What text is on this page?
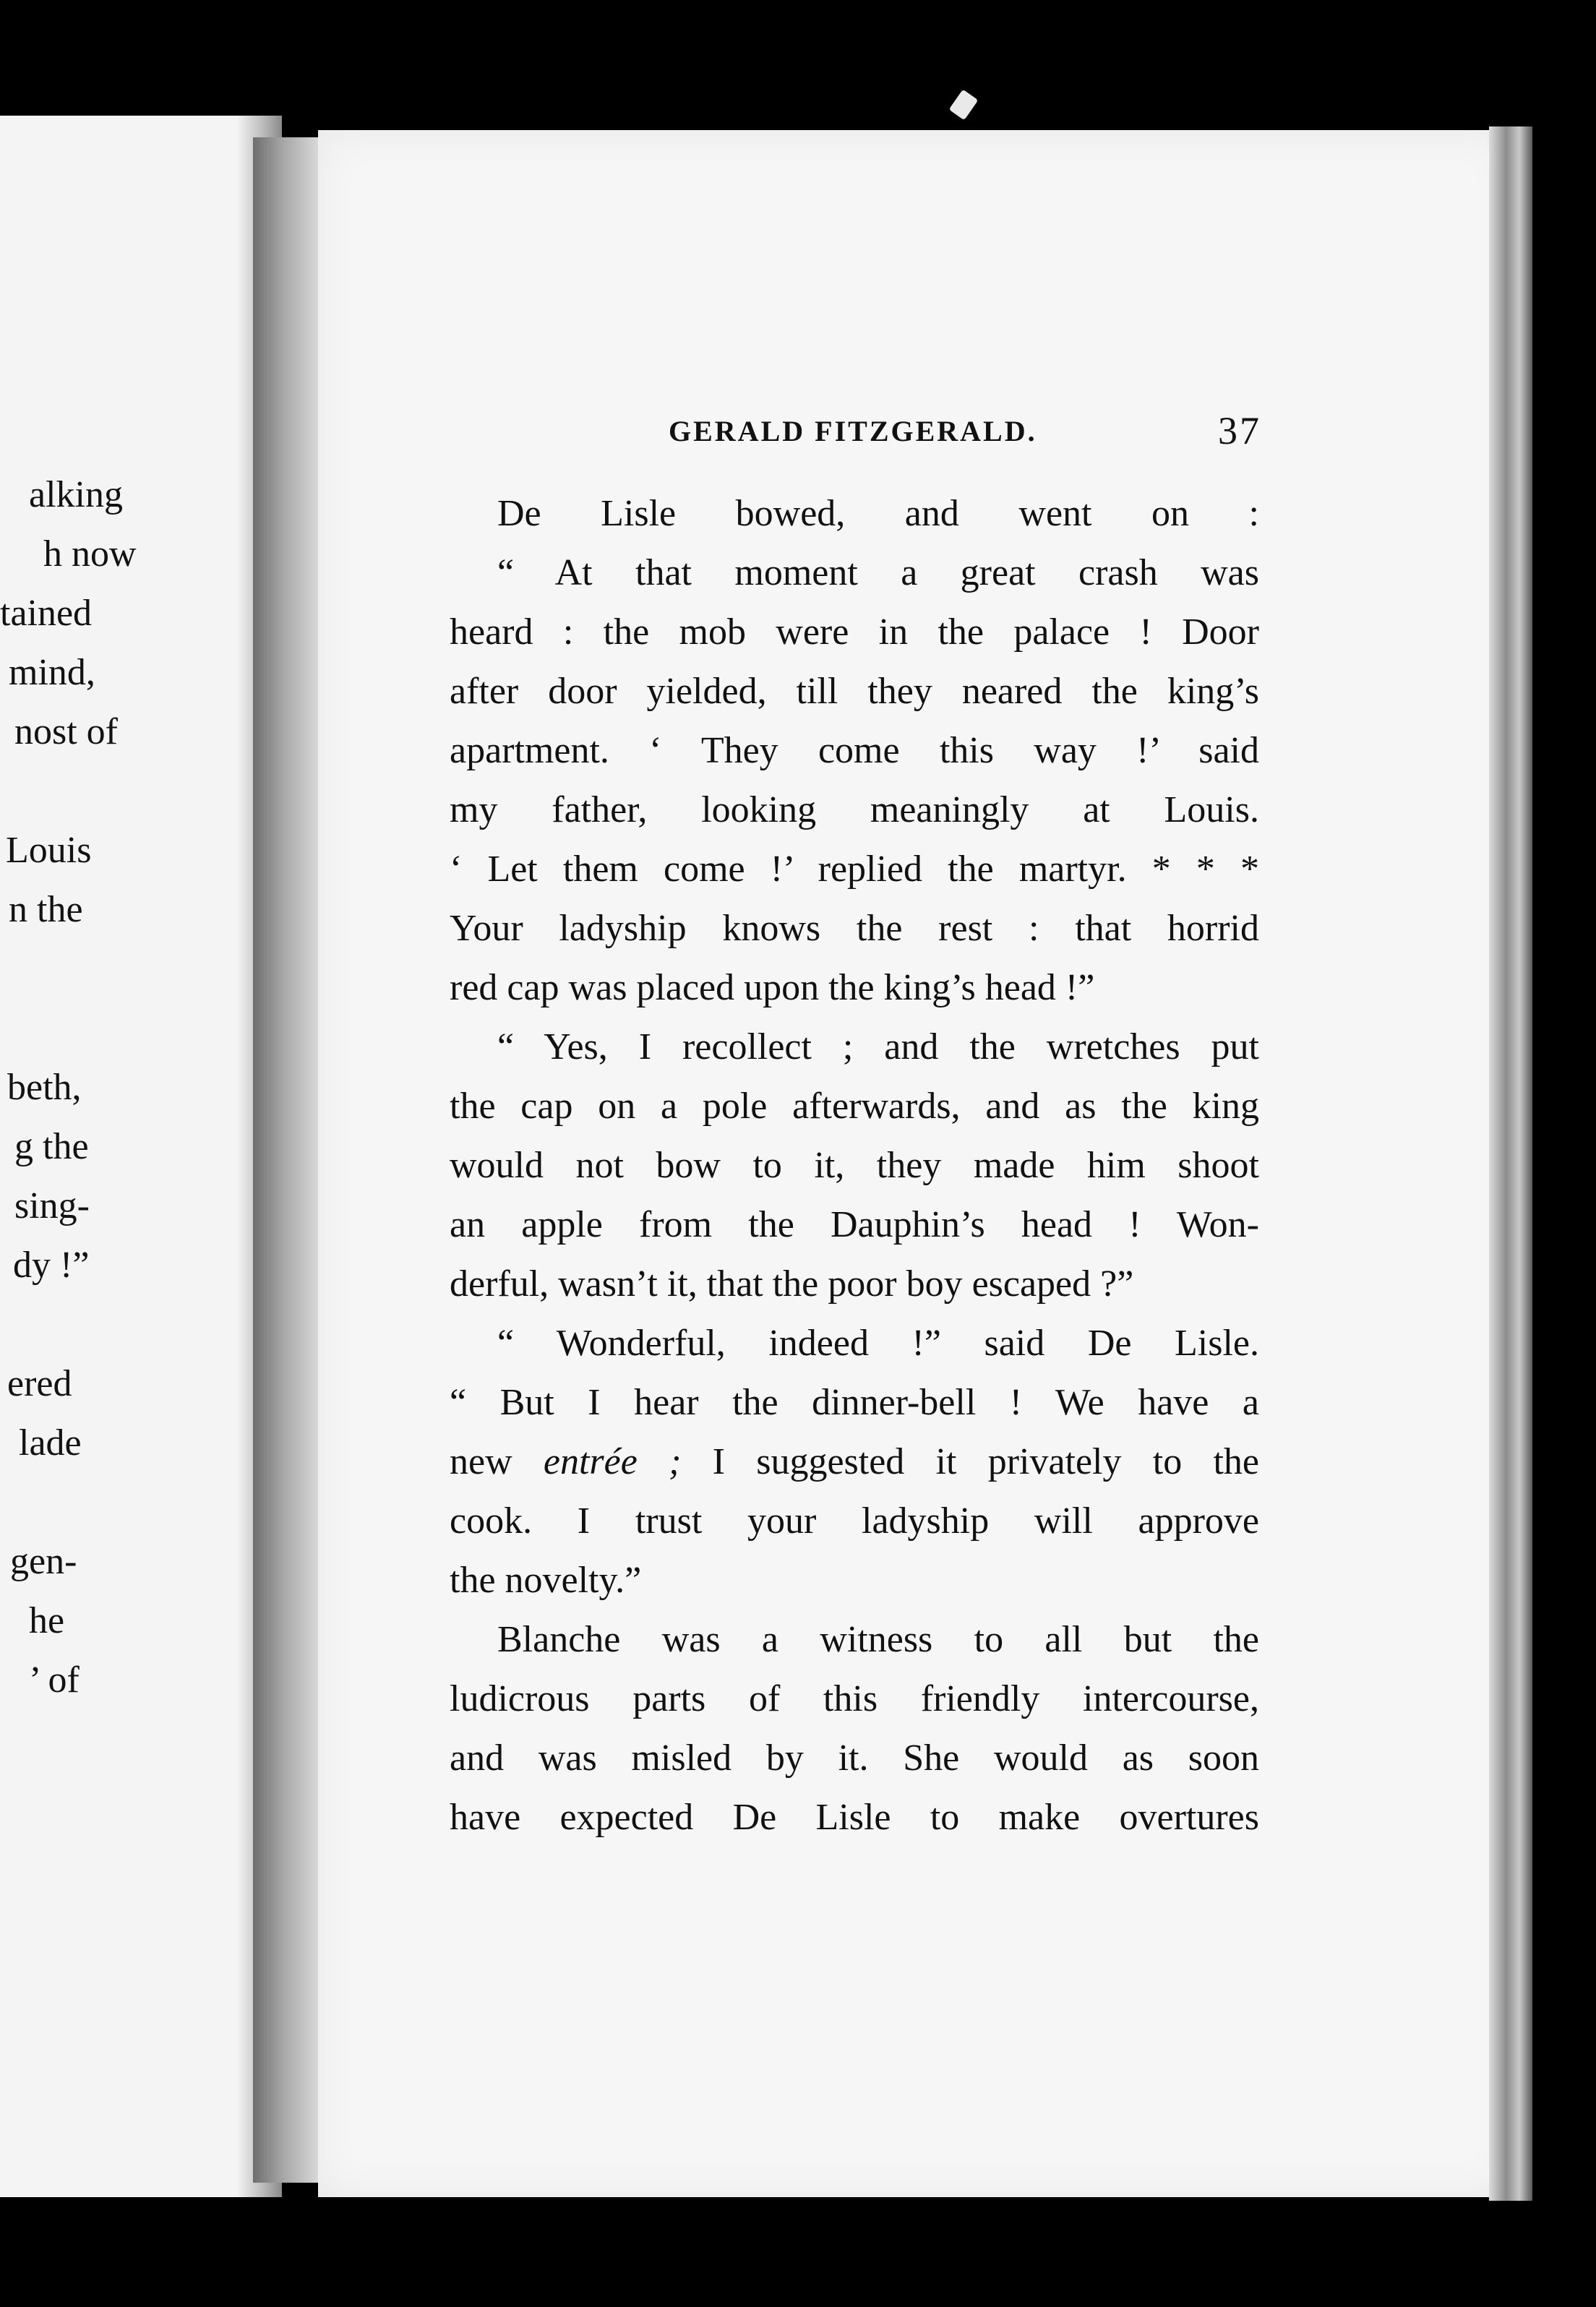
alking
h now
tained
mind,
nost of
Louis
n the
beth,
g the
sing-
dy !”
ered
lade
gen-
he
’ of
GERALD FITZGERALD.	37
De Lisle bowed, and went on :
“ At that moment a great crash was
heard : the mob were in the palace ! Door
after door yielded, till they neared the king’s
apartment. ‘ They come this way !’ said
my father, looking meaningly at Louis.
‘ Let them come !’ replied the martyr. * * *
Your ladyship knows the rest : that horrid
red cap was placed upon the king’s head !”
“ Yes, I recollect ; and the wretches put
the cap on a pole afterwards, and as the king
would not bow to it, they made him shoot
an apple from the Dauphin’s head ! Won-
derful, wasn’t it, that the poor boy escaped ?”
“ Wonderful, indeed !” said De Lisle.
“ But I hear the dinner-bell ! We have a
new entrée ; I suggested it privately to the
cook. I trust your ladyship will approve
the novelty.”
Blanche was a witness to all but the
ludicrous parts of this friendly intercourse,
and was misled by it. She would as soon
have expected De Lisle to make overtures
